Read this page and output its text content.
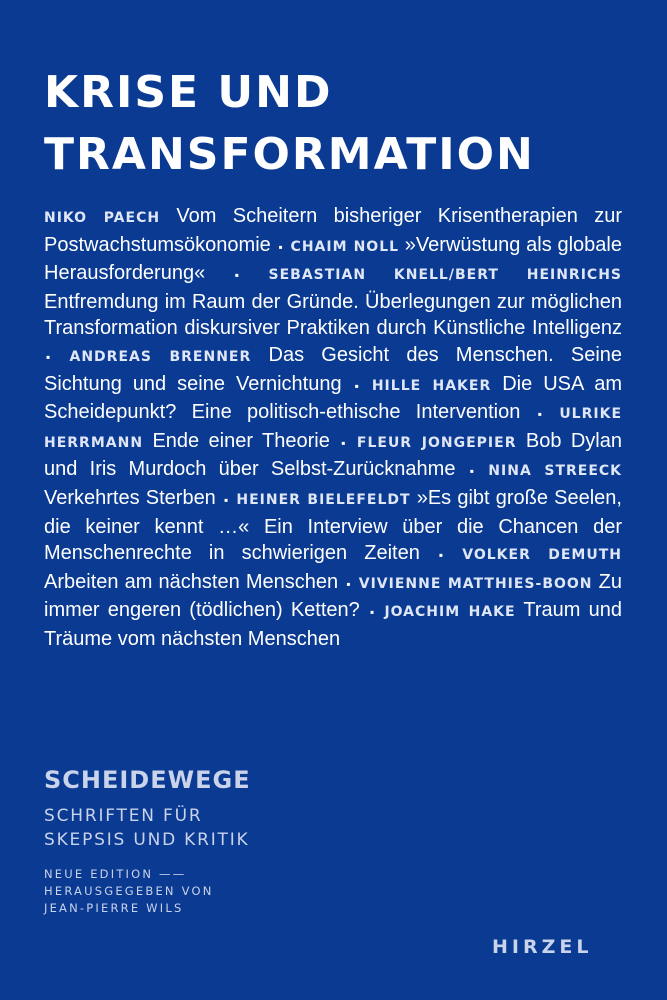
KRISE UND
TRANSFORMATION

NIKO PAECH Vom Scheitern bisheriger Krisentherapien zur Postwachstumsökonomie ▪ CHAIM NOLL »Verwüstung als globale Herausforderung« ▪ SEBASTIAN KNELL/BERT HEINRICHS Entfremdung im Raum der Gründe. Überlegungen zur möglichen Transformation diskursiver Praktiken durch Künstliche Intelligenz ▪ ANDREAS BRENNER Das Gesicht des Menschen. Seine Sichtung und seine Vernichtung ▪ HILLE HAKER Die USA am Scheidepunkt? Eine politisch-ethische Intervention ▪ ULRIKE HERRMANN Ende einer Theorie ▪ FLEUR JONGEPIER Bob Dylan und Iris Murdoch über Selbst-Zurücknahme ▪ NINA STREECK Verkehrtes Sterben ▪ HEINER BIELEFELDT »Es gibt große Seelen, die keiner kennt …« Ein Interview über die Chancen der Menschenrechte in schwierigen Zeiten ▪ VOLKER DEMUTH Arbeiten am nächsten Menschen ▪ VIVIENNE MATTHIES-BOON Zu immer engeren (tödlichen) Ketten? ▪ JOACHIM HAKE Traum und Träume vom nächsten Menschen

SCHEIDEWEGE

SCHRIFTEN FÜR
SKEPSIS UND KRITIK

NEUE EDITION ——
HERAUSGEGEBEN VON
JEAN-PIERRE WILS

HIRZEL
